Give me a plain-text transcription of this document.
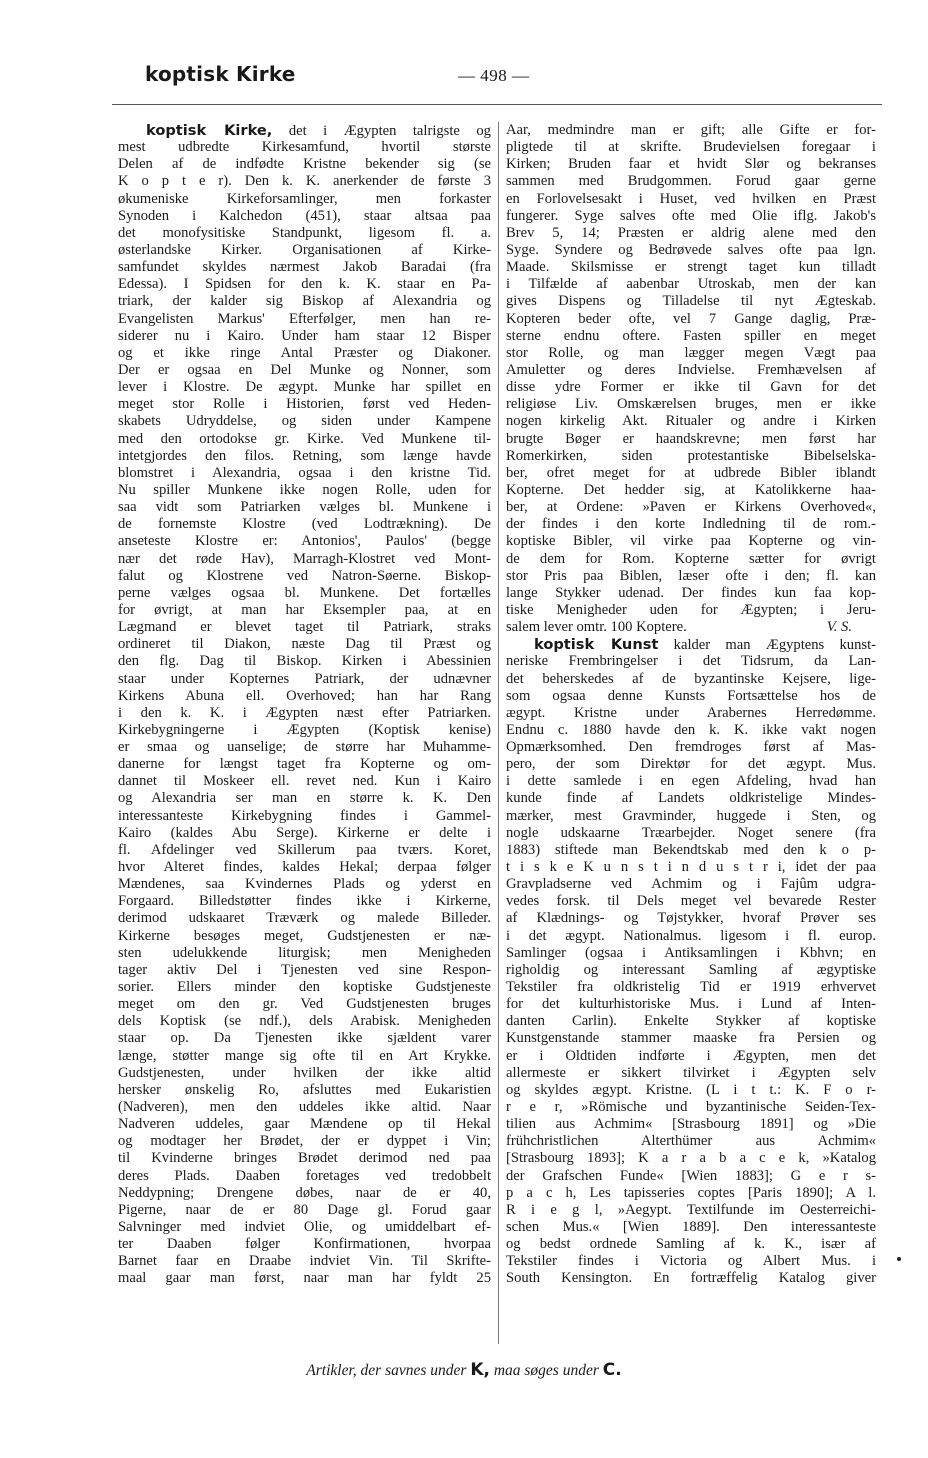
koptisk Kirke	— 498 —
koptisk Kirke, det i Ægypten talrigste og
mest udbredte Kirkesamfund, hvortil største
Delen af de indfødte Kristne bekender sig (se
K o p t e r). Den k. K. anerkender de første 3
økumeniske Kirkeforsamlinger, men forkaster
Synoden i Kalchedon (451), staar altsaa paa
det monofysitiske Standpunkt, ligesom fl. a.
østerlandske Kirker. Organisationen af Kirke-
samfundet skyldes nærmest Jakob Baradai (fra
Edessa). I Spidsen for den k. K. staar en Pa-
triark, der kalder sig Biskop af Alexandria og
Evangelisten Markus' Efterfølger, men han re-
siderer nu i Kairo. Under ham staar 12 Bisper
og et ikke ringe Antal Præster og Diakoner.
Der er ogsaa en Del Munke og Nonner, som
lever i Klostre. De ægypt. Munke har spillet en
meget stor Rolle i Historien, først ved Heden-
skabets Udryddelse, og siden under Kampene
med den ortodokse gr. Kirke. Ved Munkene til-
intetgjordes den filos. Retning, som længe havde
blomstret i Alexandria, ogsaa i den kristne Tid.
Nu spiller Munkene ikke nogen Rolle, uden for
saa vidt som Patriarken vælges bl. Munkene i
de fornemste Klostre (ved Lodtrækning). De
anseteste Klostre er: Antonios', Paulos' (begge
nær det røde Hav), Marragh-Klostret ved Mont-
falut og Klostrene ved Natron-Søerne. Biskop-
perne vælges ogsaa bl. Munkene. Det fortælles
for øvrigt, at man har Eksempler paa, at en
Lægmand er blevet taget til Patriark, straks
ordineret til Diakon, næste Dag til Præst og
den flg. Dag til Biskop. Kirken i Abessinien
staar under Kopternes Patriark, der udnævner
Kirkens Abuna ell. Overhoved; han har Rang
i den k. K. i Ægypten næst efter Patriarken.
Kirkebygningerne i Ægypten (Koptisk kenise)
er smaa og uanselige; de større har Muhamme-
danerne for længst taget fra Kopterne og om-
dannet til Moskeer ell. revet ned. Kun i Kairo
og Alexandria ser man en større k. K. Den
interessanteste Kirkebygning findes i Gammel-
Kairo (kaldes Abu Serge). Kirkerne er delte i
fl. Afdelinger ved Skillerum paa tværs. Koret,
hvor Alteret findes, kaldes Hekal; derpaa følger
Mændenes, saa Kvindernes Plads og yderst en
Forgaard. Billedstøtter findes ikke i Kirkerne,
derimod udskaaret Træværk og malede Billeder.
Kirkerne besøges meget, Gudstjenesten er næ-
sten udelukkende liturgisk; men Menigheden
tager aktiv Del i Tjenesten ved sine Respon-
sorier. Ellers minder den koptiske Gudstjeneste
meget om den gr. Ved Gudstjenesten bruges
dels Koptisk (se ndf.), dels Arabisk. Menigheden
staar op. Da Tjenesten ikke sjældent varer
længe, støtter mange sig ofte til en Art Krykke.
Gudstjenesten, under hvilken der ikke altid
hersker ønskelig Ro, afsluttes med Eukaristien
(Nadveren), men den uddeles ikke altid. Naar
Nadveren uddeles, gaar Mændene op til Hekal
og modtager her Brødet, der er dyppet i Vin;
til Kvinderne bringes Brødet derimod ned paa
deres Plads. Daaben foretages ved tredobbelt
Neddypning; Drengene døbes, naar de er 40,
Pigerne, naar de er 80 Dage gl. Forud gaar
Salvninger med indviet Olie, og umiddelbart ef-
ter Daaben følger Konfirmationen, hvorpaa
Barnet faar en Draabe indviet Vin. Til Skrifte-
maal gaar man først, naar man har fyldt 25
Aar, medmindre man er gift; alle Gifte er for-
pligtede til at skrifte. Brudevielsen foregaar i
Kirken; Bruden faar et hvidt Slør og bekranses
sammen med Brudgommen. Forud gaar gerne
en Forlovelsesakt i Huset, ved hvilken en Præst
fungerer. Syge salves ofte med Olie iflg. Jakob's
Brev 5, 14; Præsten er aldrig alene med den
Syge. Syndere og Bedrøvede salves ofte paa lgn.
Maade. Skilsmisse er strengt taget kun tilladt
i Tilfælde af aabenbar Utroskab, men der kan
gives Dispens og Tilladelse til nyt Ægteskab.
Kopteren beder ofte, vel 7 Gange daglig, Præ-
sterne endnu oftere. Fasten spiller en meget
stor Rolle, og man lægger megen Vægt paa
Amuletter og deres Indvielse. Fremhævelsen af
disse ydre Former er ikke til Gavn for det
religiøse Liv. Omskærelsen bruges, men er ikke
nogen kirkelig Akt. Ritualer og andre i Kirken
brugte Bøger er haandskrevne; men først har
Romerkirken, siden protestantiske Bibelselska-
ber, ofret meget for at udbrede Bibler iblandt
Kopterne. Det hedder sig, at Katolikkerne haa-
ber, at Ordene: »Paven er Kirkens Overhoved«,
der findes i den korte Indledning til de rom.-
koptiske Bibler, vil virke paa Kopterne og vin-
de dem for Rom. Kopterne sætter for øvrigt
stor Pris paa Biblen, læser ofte i den; fl. kan
lange Stykker udenad. Der findes kun faa kop-
tiske Menigheder uden for Ægypten; i Jeru-
salem lever omtr. 100 Koptere.	V. S.
koptisk Kunst kalder man Ægyptens kunst-
neriske Frembringelser i det Tidsrum, da Lan-
det beherskedes af de byzantinske Kejsere, lige-
som ogsaa denne Kunsts Fortsættelse hos de
ægypt. Kristne under Arabernes Herredømme.
Endnu c. 1880 havde den k. K. ikke vakt nogen
Opmærksomhed. Den fremdroges først af Mas-
pero, der som Direktør for det ægypt. Mus.
i dette samlede i en egen Afdeling, hvad han
kunde finde af Landets oldkristelige Mindes-
mærker, mest Gravminder, huggede i Sten, og
nogle udskaarne Træarbejder. Noget senere (fra
1883) stiftede man Bekendtskab med den k o p-
t i s k e K u n s t i n d u s t r i, idet der paa
Gravpladserne ved Achmim og i Fajûm udgra-
vedes forsk. til Dels meget vel bevarede Rester
af Klædnings- og Tøjstykker, hvoraf Prøver ses
i det ægypt. Nationalmus. ligesom i fl. europ.
Samlinger (ogsaa i Antiksamlingen i Kbhvn; en
righoldig og interessant Samling af ægyptiske
Tekstiler fra oldkristelig Tid er 1919 erhvervet
for det kulturhistoriske Mus. i Lund af Inten-
danten Carlin). Enkelte Stykker af koptiske
Kunstgenstande stammer maaske fra Persien og
er i Oldtiden indførte i Ægypten, men det
allermeste er sikkert tilvirket i Ægypten selv
og skyldes ægypt. Kristne. (L i t t.: K. F o r-
r e r, »Römische und byzantinische Seiden-Tex-
tilien aus Achmim« [Strasbourg 1891] og »Die
frühchristlichen Alterthümer aus Achmim«
[Strasbourg 1893]; K a r a b a c e k, »Katalog
der Grafschen Funde« [Wien 1883]; G e r s-
p a c h, Les tapisseries coptes [Paris 1890]; A l.
R i e g l, »Aegypt. Textilfunde im Oesterreichi-
schen Mus.« [Wien 1889]. Den interessanteste
og bedst ordnede Samling af k. K., især af
Tekstiler findes i Victoria og Albert Mus. i
South Kensington. En fortræffelig Katalog giver
Artikler, der savnes under K, maa søges under C.
